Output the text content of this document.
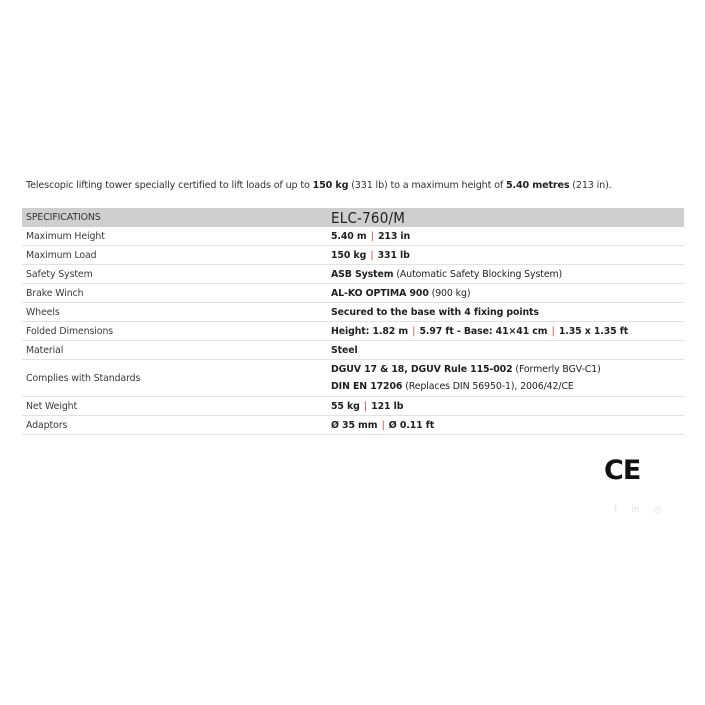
Telescopic lifting tower specially certified to lift loads of up to 150 kg (331 lb) to a maximum height of 5.40 metres (213 in).
SPECIFICATIONS	ELC-760/M
Maximum Height	5.40 m | 213 in
Maximum Load	150 kg | 331 lb
Safety System	ASB System (Automatic Safety Blocking System)
Brake Winch	AL-KO OPTIMA 900 (900 kg)
Wheels	Secured to the base with 4 fixing points
Folded Dimensions	Height: 1.82 m | 5.97 ft - Base: 41×41 cm | 1.35 x 1.35 ft
Material	Steel
Complies with Standards	DGUV 17 & 18, DGUV Rule 115-002 (Formerly BGV-C1)
DIN EN 17206 (Replaces DIN 56950-1), 2006/42/CE

Net Weight	55 kg | 121 lb
Adaptors	Ø 35 mm | Ø 0.11 ft
CE
f in ◎
